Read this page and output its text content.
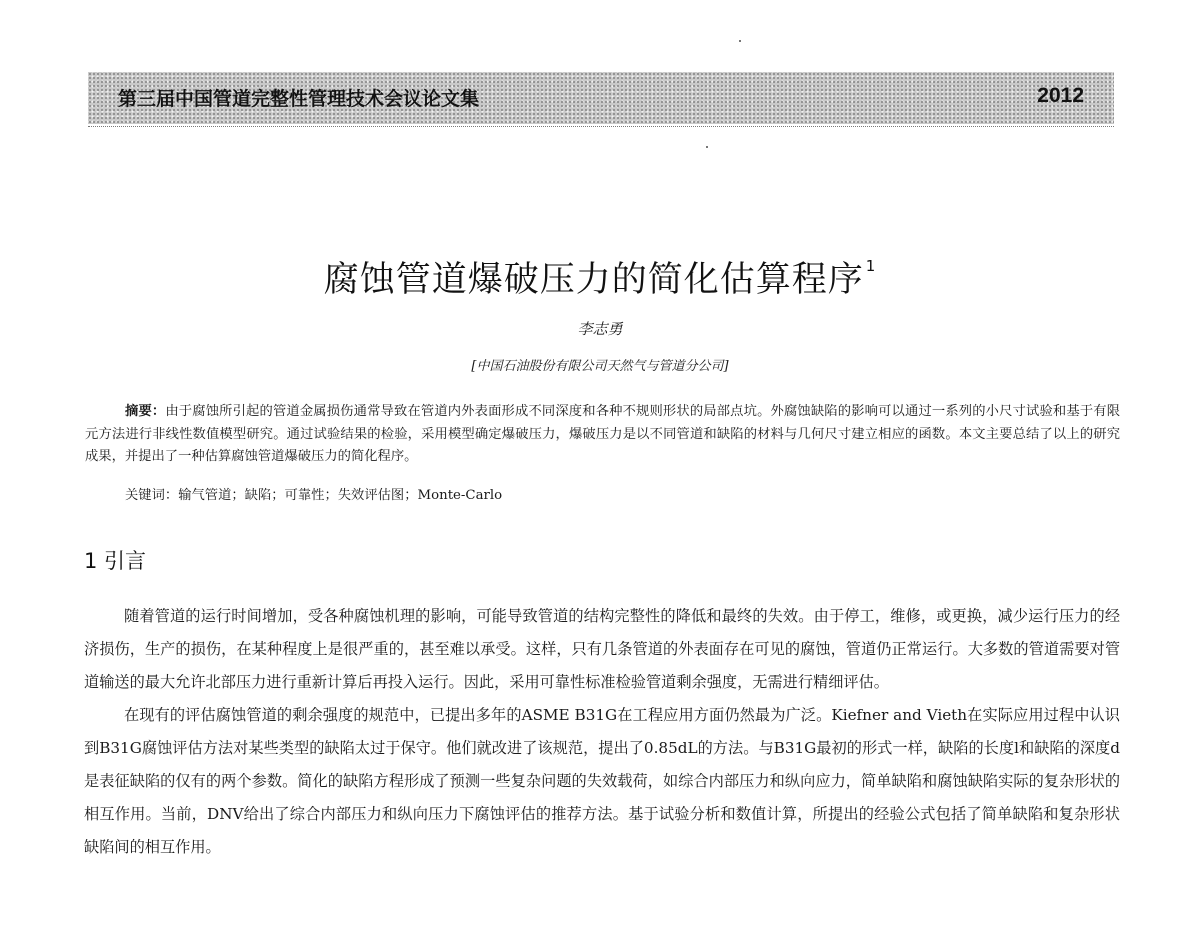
第三届中国管道完整性管理技术会议论文集	2012
腐蚀管道爆破压力的简化估算程序 $^1$
李志勇
[中国石油股份有限公司天然气与管道分公司]

摘要：由于腐蚀所引起的管道金属损伤通常导致在管道内外表面形成不同深度和各种不规则形状的局部点坑。外腐蚀缺陷的影响可以通过一系列的小尺寸试验和基于有限元方法进行非线性数值模型研究。通过试验结果的检验，采用模型确定爆破压力，爆破压力是以不同管道和缺陷的材料与几何尺寸建立相应的函数。本文主要总结了以上的研究成果，并提出了一种估算腐蚀管道爆破压力的简化程序。

关键词：输气管道；缺陷；可靠性；失效评估图；Monte-Carlo
1 引言

随着管道的运行时间增加，受各种腐蚀机理的影响，可能导致管道的结构完整性的降低和最终的失效。由于停工，维修，或更换，减少运行压力的经济损伤，生产的损伤，在某种程度上是很严重的，甚至难以承受。这样，只有几条管道的外表面存在可见的腐蚀，管道仍正常运行。大多数的管道需要对管道输送的最大允许北部压力进行重新计算后再投入运行。因此，采用可靠性标准检验管道剩余强度，无需进行精细评估。

在现有的评估腐蚀管道的剩余强度的规范中，已提出多年的ASME B31G在工程应用方面仍然最为广泛。Kiefner and Vieth在实际应用过程中认识到B31G腐蚀评估方法对某些类型的缺陷太过于保守。他们就改进了该规范，提出了0.85dL的方法。与B31G最初的形式一样，缺陷的长度l和缺陷的深度d是表征缺陷的仅有的两个参数。简化的缺陷方程形成了预测一些复杂问题的失效载荷，如综合内部压力和纵向应力，简单缺陷和腐蚀缺陷实际的复杂形状的相互作用。当前，DNV给出了综合内部压力和纵向压力下腐蚀评估的推荐方法。基于试验分析和数值计算，所提出的经验公式包括了简单缺陷和复杂形状缺陷间的相互作用。
